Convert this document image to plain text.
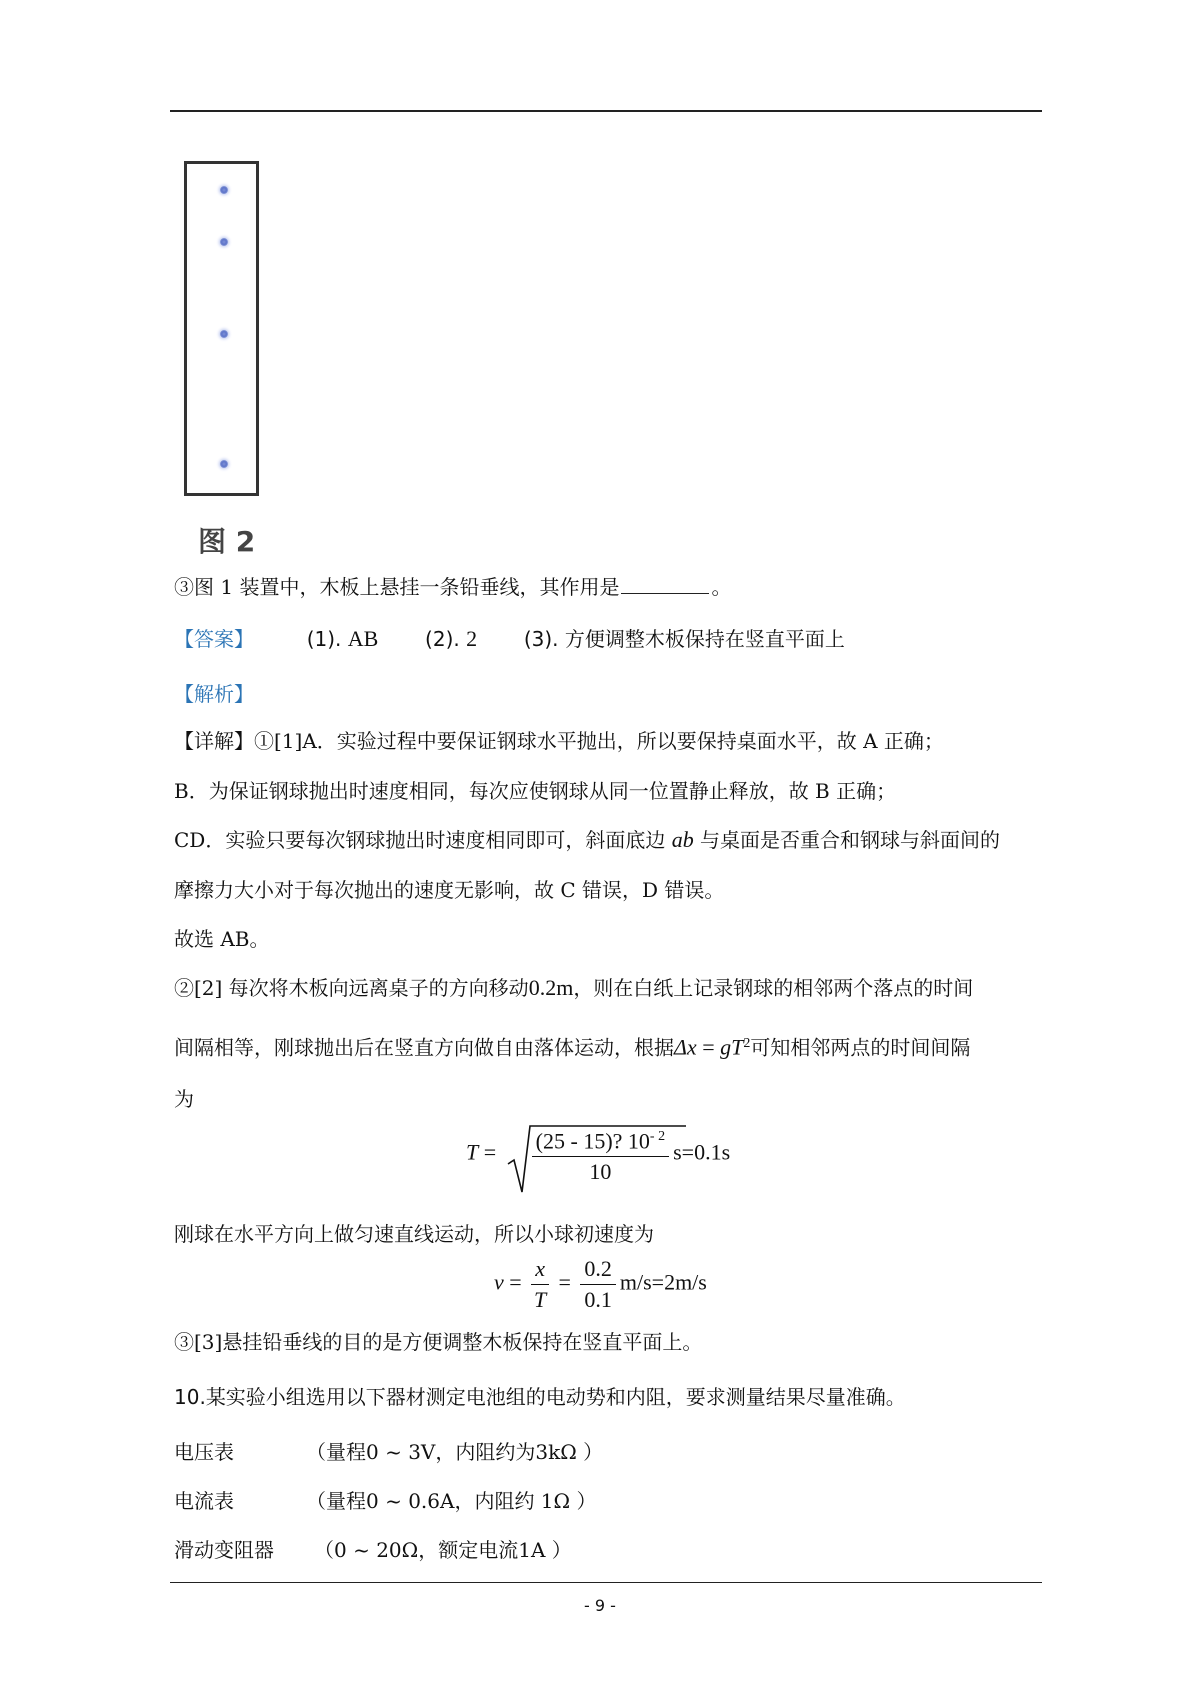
图 2
③图 1 装置中，木板上悬挂一条铅垂线，其作用是	。
【答案】	(1). AB (2). 2 (3). 方便调整木板保持在竖直平面上
【解析】
【详解】①[1]A．实验过程中要保证钢球水平抛出，所以要保持桌面水平，故 A 正确；
B．为保证钢球抛出时速度相同，每次应使钢球从同一位置静止释放，故 B 正确；
CD．实验只要每次钢球抛出时速度相同即可，斜面底边 ab 与桌面是否重合和钢球与斜面间的
摩擦力大小对于每次抛出的速度无影响，故 C 错误，D 错误。
故选 AB。
②[2] 每次将木板向远离桌子的方向移动0.2m，则在白纸上记录钢球的相邻两个落点的时间
间隔相等，刚球抛出后在竖直方向做自由落体运动，根据$\Delta x = gT^2$可知相邻两点的时间间隔
为
$T = \frac{(25 - 15)? 10^{- 2}}{10} s=0.1s$
刚球在水平方向上做匀速直线运动，所以小球初速度为
$v = \frac{x}{T} = \frac{0.2}{0.1} m/s=2m/s$
③[3]悬挂铅垂线的目的是方便调整木板保持在竖直平面上。
10.某实验小组选用以下器材测定电池组的电动势和内阻，要求测量结果尽量准确。
电压表	（量程0 ~ 3V，内阻约为3kΩ ）
电流表	（量程0 ~ 0.6A，内阻约 1Ω ）
滑动变阻器 （0 ~ 20Ω，额定电流1A ）
- 9 -
